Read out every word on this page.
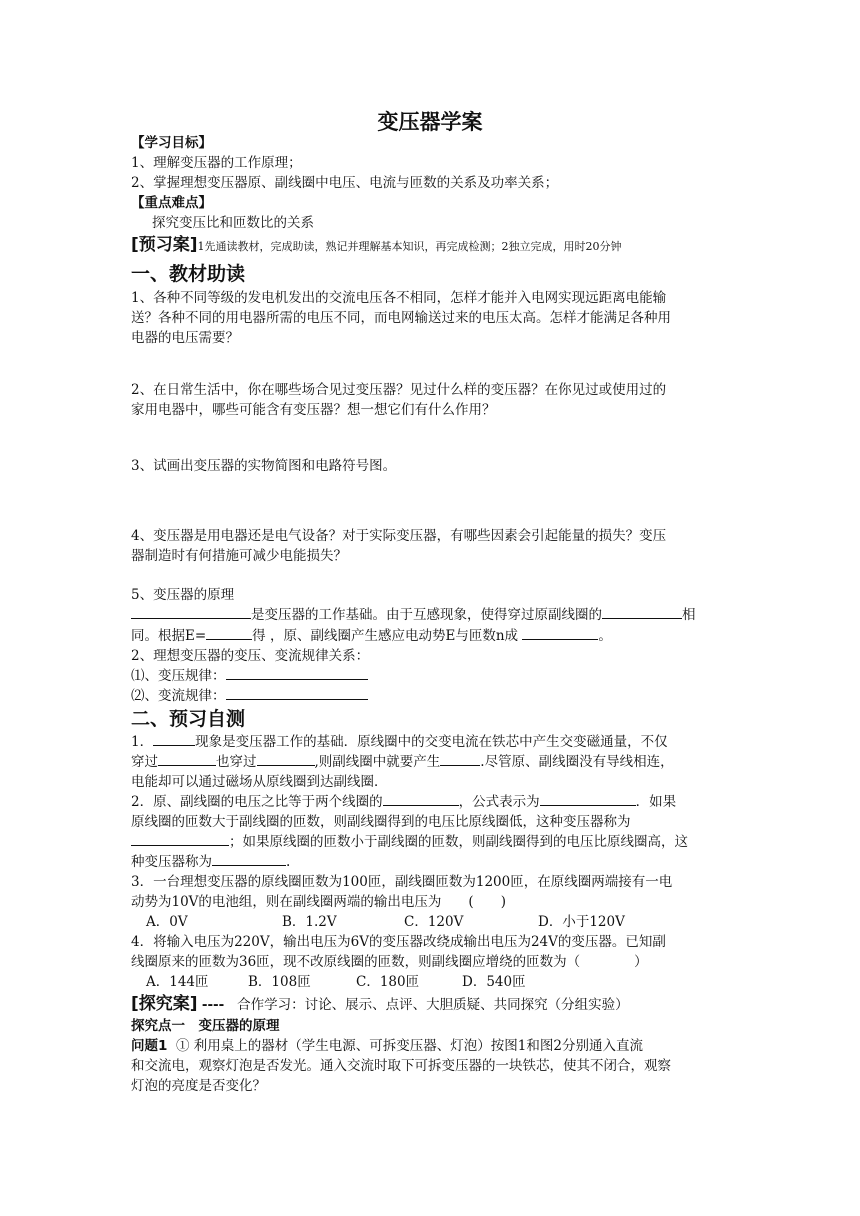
变压器学案
【学习目标】
1、理解变压器的工作原理；
2、掌握理想变压器原、副线圈中电压、电流与匝数的关系及功率关系；
【重点难点】
探究变压比和匝数比的关系
[预习案]1先通读教材，完成助读，熟记并理解基本知识，再完成检测；2独立完成，用时20分钟
一、教材助读
1、各种不同等级的发电机发出的交流电压各不相同，怎样才能并入电网实现远距离电能输
送？各种不同的用电器所需的电压不同，而电网输送过来的电压太高。怎样才能满足各种用
电器的电压需要？
2、在日常生活中，你在哪些场合见过变压器？见过什么样的变压器？在你见过或使用过的
家用电器中，哪些可能含有变压器？想一想它们有什么作用？
3、试画出变压器的实物简图和电路符号图。
4、变压器是用电器还是电气设备？对于实际变压器，有哪些因素会引起能量的损失？变压
器制造时有何措施可减少电能损失？
5、变压器的原理
是变压器的工作基础。由于互感现象，使得穿过原副线圈的	相
同。根据E=	得 ，原、副线圈产生感应电动势E与匝数n成	。
2、理想变压器的变压、变流规律关系：
⑴、变压规律：
⑵、变流规律：
二、预习自测
1．	现象是变压器工作的基础．原线圈中的交变电流在铁芯中产生交变磁通量，不仅
穿过	也穿过	,则副线圈中就要产生	.尽管原、副线圈没有导线相连，
电能却可以通过磁场从原线圈到达副线圈．
2．原、副线圈的电压之比等于两个线圈的	，公式表示为	．如果
原线圈的匝数大于副线圈的匝数，则副线圈得到的电压比原线圈低，这种变压器称为
；如果原线圈的匝数小于副线圈的匝数，则副线圈得到的电压比原线圈高，这
种变压器称为	.
3．一台理想变压器的原线圈匝数为100匝，副线圈匝数为1200匝，在原线圈两端接有一电
动势为10V的电池组，则在副线圈两端的输出电压为　　(　　)
A．0V	B．1.2V	C．120V	D．小于120V
4．将输入电压为220V，输出电压为6V的变压器改绕成输出电压为24V的变压器。已知副
线圈原来的匝数为36匝，现不改原线圈的匝数，则副线圈应增绕的匝数为（　　　　）
A．144匝	B．108匝	C．180匝	D．540匝
[探究案] ---- 合作学习：讨论、展示、点评、大胆质疑、共同探究（分组实验）
探究点一　变压器的原理
问题1 ① 利用桌上的器材（学生电源、可拆变压器、灯泡）按图1和图2分别通入直流
和交流电，观察灯泡是否发光。通入交流时取下可拆变压器的一块铁芯，使其不闭合，观察
灯泡的亮度是否变化？
